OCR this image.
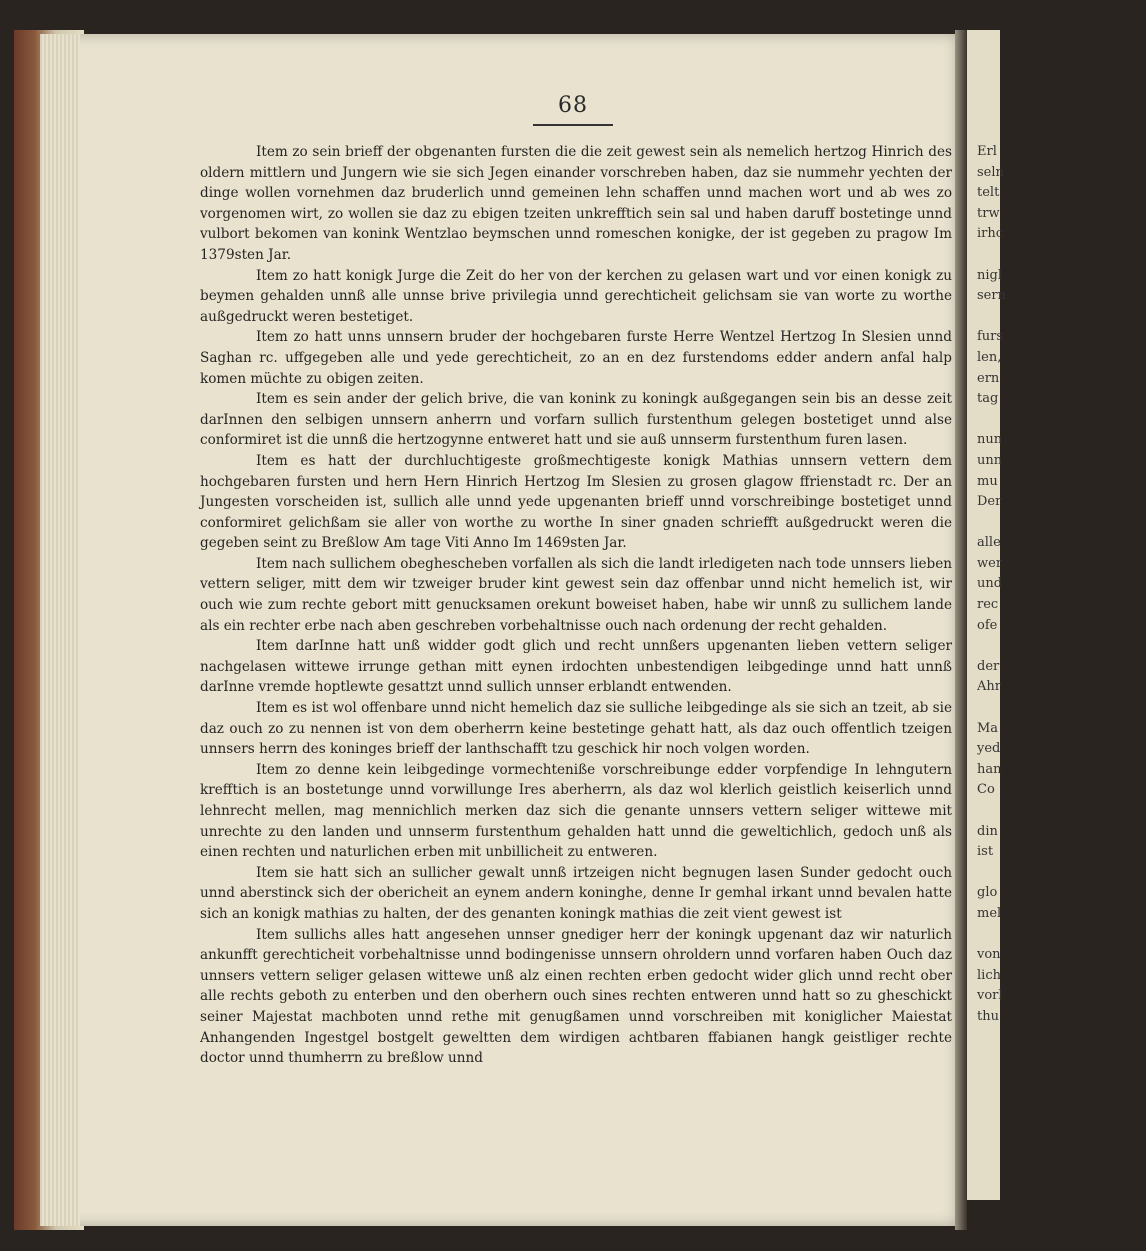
68

Item zo sein brieff der obgenanten fursten die die zeit gewest sein als nemelich hertzog Hinrich des oldern mittlern und Jungern wie sie sich Jegen einander vorschreben haben, daz sie nummehr yechten der dinge wollen vornehmen daz bruderlich unnd gemeinen lehn schaffen unnd machen wort und ab wes zo vorgenomen wirt, zo wollen sie daz zu ebigen tzeiten unkrefftich sein sal und haben daruff bostetinge unnd vulbort bekomen van konink Wentzlao beymschen unnd romeschen konigke, der ist gegeben zu pragow Im 1379sten Jar.

Item zo hatt konigk Jurge die Zeit do her von der kerchen zu gelasen wart und vor einen konigk zu beymen gehalden unnß alle unnse brive privilegia unnd gerechticheit gelichsam sie van worte zu worthe außgedruckt weren bestetiget.

Item zo hatt unns unnsern bruder der hochgebaren furste Herre Wentzel Hertzog In Slesien unnd Saghan rc. uffgegeben alle und yede gerechticheit, zo an en dez furstendoms edder andern anfal halp komen müchte zu obigen zeiten.

Item es sein ander der gelich brive, die van konink zu koningk außgegangen sein bis an desse zeit darInnen den selbigen unnsern anherrn und vorfarn sullich furstenthum gelegen bostetiget unnd alse conformiret ist die unnß die hertzogynne entweret hatt und sie auß unnserm furstenthum furen lasen.

Item es hatt der durchluchtigeste großmechtigeste konigk Mathias unnsern vettern dem hochgebaren fursten und hern Hern Hinrich Hertzog Im Slesien zu grosen glagow ffrienstadt rc. Der an Jungesten vorscheiden ist, sullich alle unnd yede upgenanten brieff unnd vorschreibinge bostetiget unnd conformiret gelichßam sie aller von worthe zu worthe In siner gnaden schriefft außgedruckt weren die gegeben seint zu Breßlow Am tage Viti Anno Im 1469sten Jar.

Item nach sullichem obeghescheben vorfallen als sich die landt irledigeten nach tode unnsers lieben vettern seliger, mitt dem wir tzweiger bruder kint gewest sein daz offenbar unnd nicht hemelich ist, wir ouch wie zum rechte gebort mitt genucksamen orekunt boweiset haben, habe wir unnß zu sullichem lande als ein rechter erbe nach aben geschreben vorbehaltnisse ouch nach ordenung der recht gehalden.

Item darInne hatt unß widder godt glich und recht unnßers upgenanten lieben vettern seliger nachgelasen wittewe irrunge gethan mitt eynen irdochten unbestendigen leibgedinge unnd hatt unnß darInne vremde hoptlewte gesattzt unnd sullich unnser erblandt entwenden.

Item es ist wol offenbare unnd nicht hemelich daz sie sulliche leibgedinge als sie sich an tzeit, ab sie daz ouch zo zu nennen ist von dem oberherrn keine bestetinge gehatt hatt, als daz ouch offentlich tzeigen unnsers herrn des koninges brieff der lanthschafft tzu geschick hir noch volgen worden.

Item zo denne kein leibgedinge vormechteniße vorschreibunge edder vorpfendige In lehngutern krefftich is an bostetunge unnd vorwillunge Ires aberherrn, als daz wol klerlich geistlich keiserlich unnd lehnrecht mellen, mag mennichlich merken daz sich die genante unnsers vettern seliger wittewe mit unrechte zu den landen und unnserm furstenthum gehalden hatt unnd die geweltichlich, gedoch unß als einen rechten und naturlichen erben mit unbillicheit zu entweren.

Item sie hatt sich an sullicher gewalt unnß irtzeigen nicht begnugen lasen Sunder gedocht ouch unnd aberstinck sich der obericheit an eynem andern koninghe, denne Ir gemhal irkant unnd bevalen hatte sich an konigk mathias zu halten, der des genanten koningk mathias die zeit vient gewest ist

Item sullichs alles hatt angesehen unnser gnediger herr der koningk upgenant daz wir naturlich ankunfft gerechticheit vorbehaltnisse unnd bodingenisse unnsern ohroldern unnd vorfaren haben Ouch daz unnsers vettern seliger gelasen wittewe unß alz einen rechten erben gedocht wider glich unnd recht ober alle rechts geboth zu enterben und den oberhern ouch sines rechten entweren unnd hatt so zu gheschickt seiner Majestat machboten unnd rethe mit genugßamen unnd vorschreiben mit koniglicher Maiestat Anhangenden Ingestgel bostgelt geweltten dem wirdigen achtbaren ffabianen hangk geistliger rechte doctor unnd thumherrn zu breßlow unnd

Erl
seln
telt
trw
irhc

nigl
sern

furs
len,
ern
tag

nun
unn
mu
Der

alle
wer
und
rec
ofe

der
Ahr

Ma
yed
han
Co

din
ist

glo
mel

von
lich
vorl
thu
